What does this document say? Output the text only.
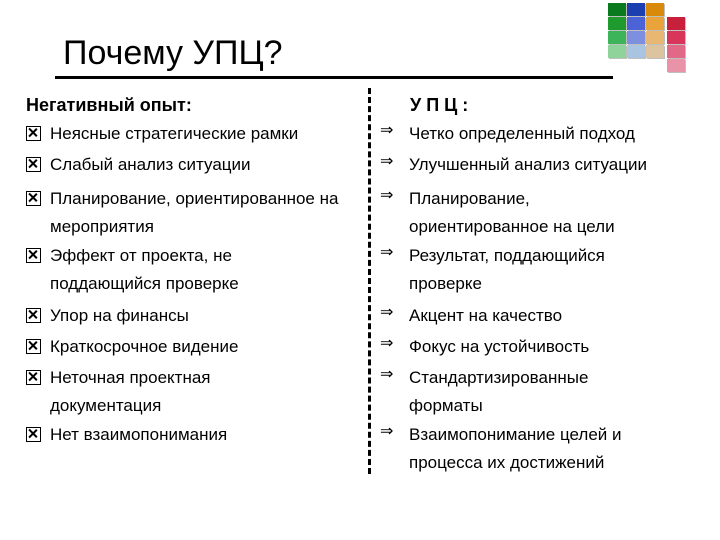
Почему УПЦ?
Негативный опыт:	У П Ц :
Неясные стратегические рамки
Слабый анализ ситуации
Планирование, ориентированное на мероприятия
Эффект от проекта, не поддающийся проверке
Упор на финансы
Краткосрочное видение
Неточная проектная документация
Нет взаимопонимания
⇒ Четко определенный подход
⇒ Улучшенный анализ ситуации
⇒ Планирование, ориентированное на цели
⇒ Результат, поддающийся проверке
⇒ Акцент на качество
⇒ Фокус на устойчивость
⇒ Стандартизированные форматы
⇒ Взаимопонимание целей и процесса их достижений
